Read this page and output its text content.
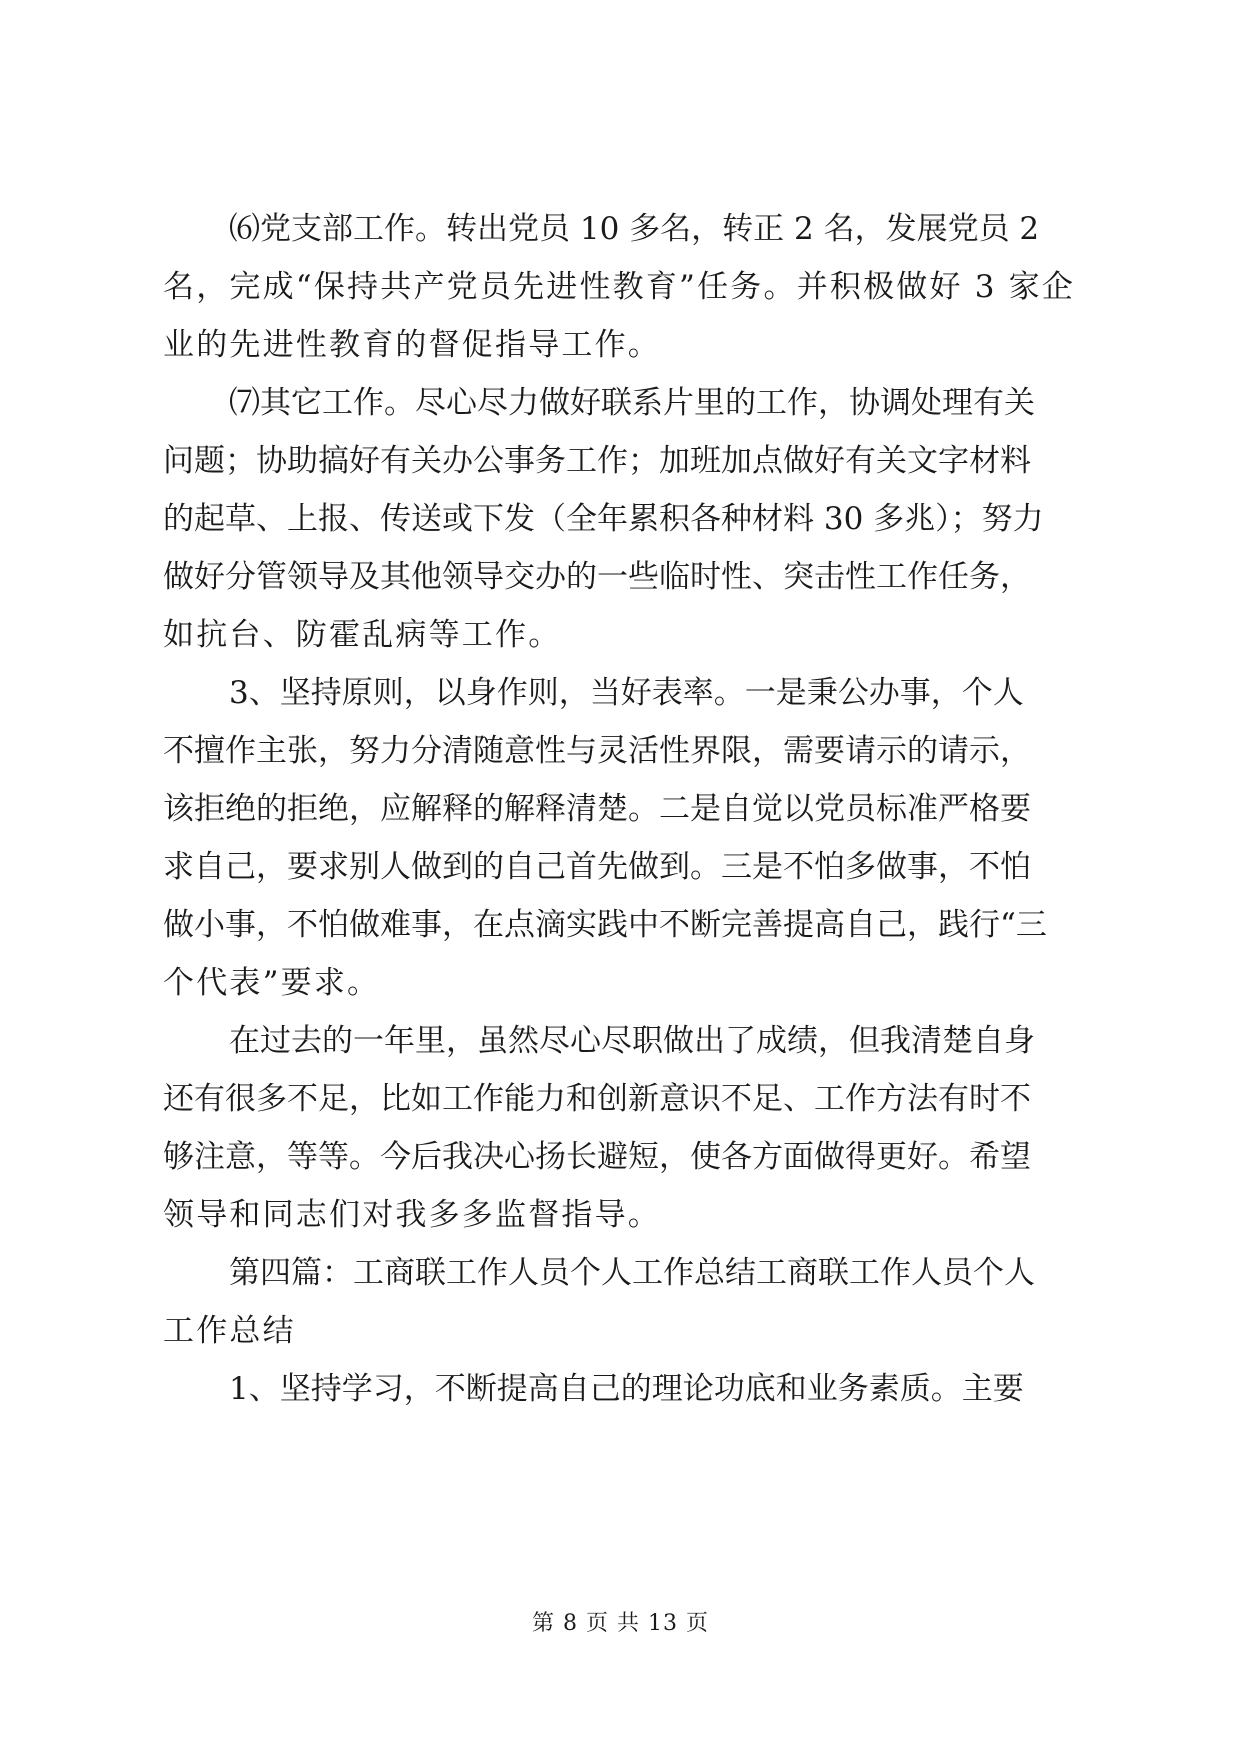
⑹党支部工作。转出党员 10 多名，转正 2 名，发展党员 2
名，完成“保持共产党员先进性教育”任务。并积极做好 3 家企
业的先进性教育的督促指导工作。
⑺其它工作。尽心尽力做好联系片里的工作，协调处理有关
问题；协助搞好有关办公事务工作；加班加点做好有关文字材料
的起草、上报、传送或下发（全年累积各种材料 30 多兆）；努力
做好分管领导及其他领导交办的一些临时性、突击性工作任务，
如抗台、防霍乱病等工作。
3、坚持原则，以身作则，当好表率。一是秉公办事，个人
不擅作主张，努力分清随意性与灵活性界限，需要请示的请示，
该拒绝的拒绝，应解释的解释清楚。二是自觉以党员标准严格要
求自己，要求别人做到的自己首先做到。三是不怕多做事，不怕
做小事，不怕做难事，在点滴实践中不断完善提高自己，践行“三
个代表”要求。
在过去的一年里，虽然尽心尽职做出了成绩，但我清楚自身
还有很多不足，比如工作能力和创新意识不足、工作方法有时不
够注意，等等。今后我决心扬长避短，使各方面做得更好。希望
领导和同志们对我多多监督指导。
第四篇：工商联工作人员个人工作总结工商联工作人员个人
工作总结
1、坚持学习，不断提高自己的理论功底和业务素质。主要
第 8 页 共 13 页
